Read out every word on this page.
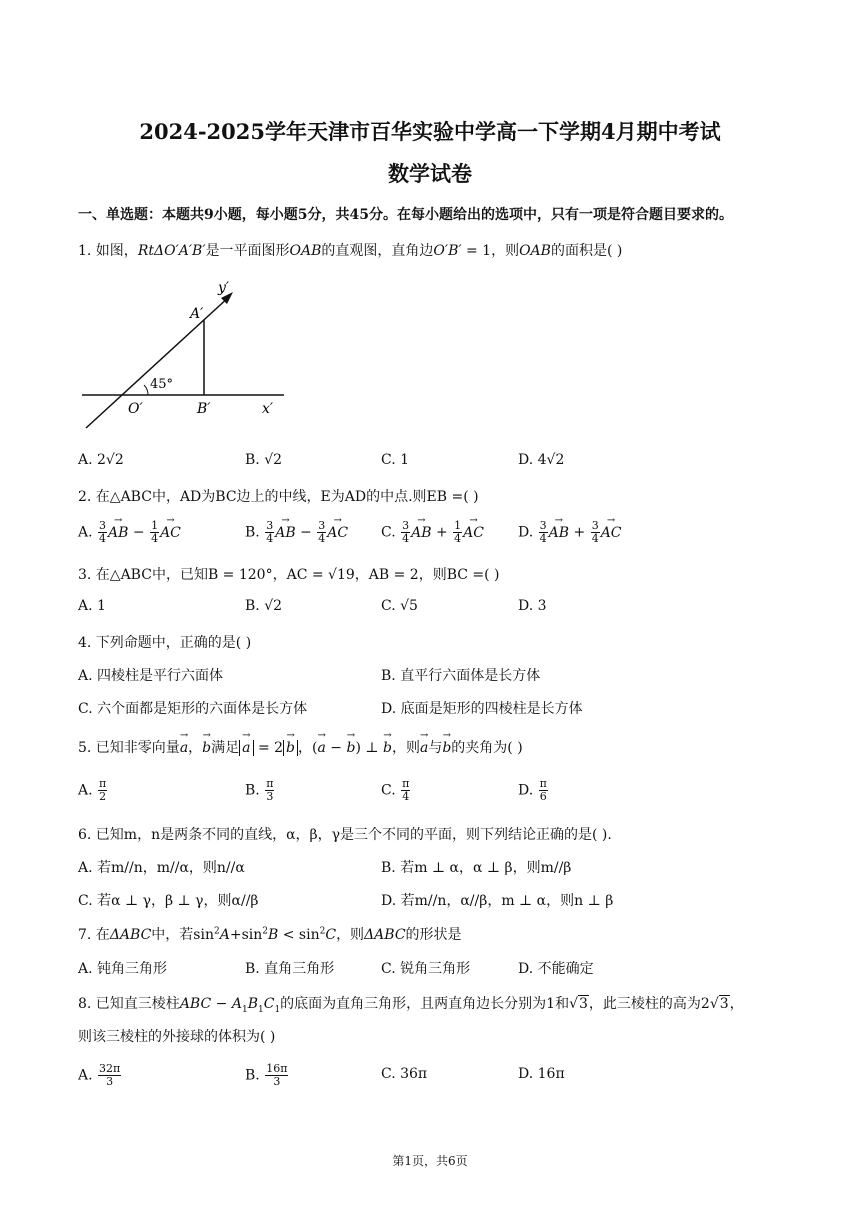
2024-2025学年天津市百华实验中学高一下学期4月期中考试
数学试卷
一、单选题：本题共9小题，每小题5分，共45分。在每小题给出的选项中，只有一项是符合题目要求的。
1. 如图，RtΔO′A′B′是一平面图形OAB的直观图，直角边O′B′ = 1，则OAB的面积是( )
y′
A′
45°
O′	B′	x′
A. 2√2	B. √2	C. 1	D. 4√2
2. 在△ABC中，AD为BC边上的中线，E为AD的中点.则EB =( )
A. $\frac{3}{4}$ → AB − $\frac{1}{4}$ → AC	B. $\frac{3}{4}$ → AB − $\frac{3}{4}$ → AC C. $\frac{3}{4}$ → AB + $\frac{1}{4}$ → AC D. $\frac{3}{4}$ → AB + $\frac{3}{4}$ → AC
3. 在△ABC中，已知B = 120°，AC = √19，AB = 2，则BC =( )
A. 1	B. √2	C. √5	D. 3
4. 下列命题中，正确的是( )
A. 四棱柱是平行六面体	B. 直平行六面体是长方体
C. 六个面都是矩形的六面体是长方体	D. 底面是矩形的四棱柱是长方体
5. 已知非零向量→ a，→ b满足 → a = 2 → b ，(→ a − → b) ⊥ → b，则→ a与→ b的夹角为( )
A. $\frac{\pi}{2}$	B. $\frac{\pi}{3}$	C. $\frac{\pi}{4}$	D. $\frac{\pi}{6}$
6. 已知m，n是两条不同的直线，α，β，γ是三个不同的平面，则下列结论正确的是( ).
A. 若m//n，m//α，则n//α	B. 若m ⊥ α，α ⊥ β，则m//β
C. 若α ⊥ γ，β ⊥ γ，则α//β	D. 若m//n，α//β，m ⊥ α，则n ⊥ β
7. 在ΔABC中，若$\sin^2A+\sin^2B < \sin^2C$，则ΔABC的形状是
A. 钝角三角形	B. 直角三角形	C. 锐角三角形	D. 不能确定
8. 已知直三棱柱ABC − $A_1B_1C_1$的底面为直角三角形，且两直角边长分别为1和√3，此三棱柱的高为2√3，
则该三棱柱的外接球的体积为( )
A. $\frac{32\pi}{3}$	B. $\frac{16\pi}{3}$	C. 36π	D. 16π
第1页，共6页
